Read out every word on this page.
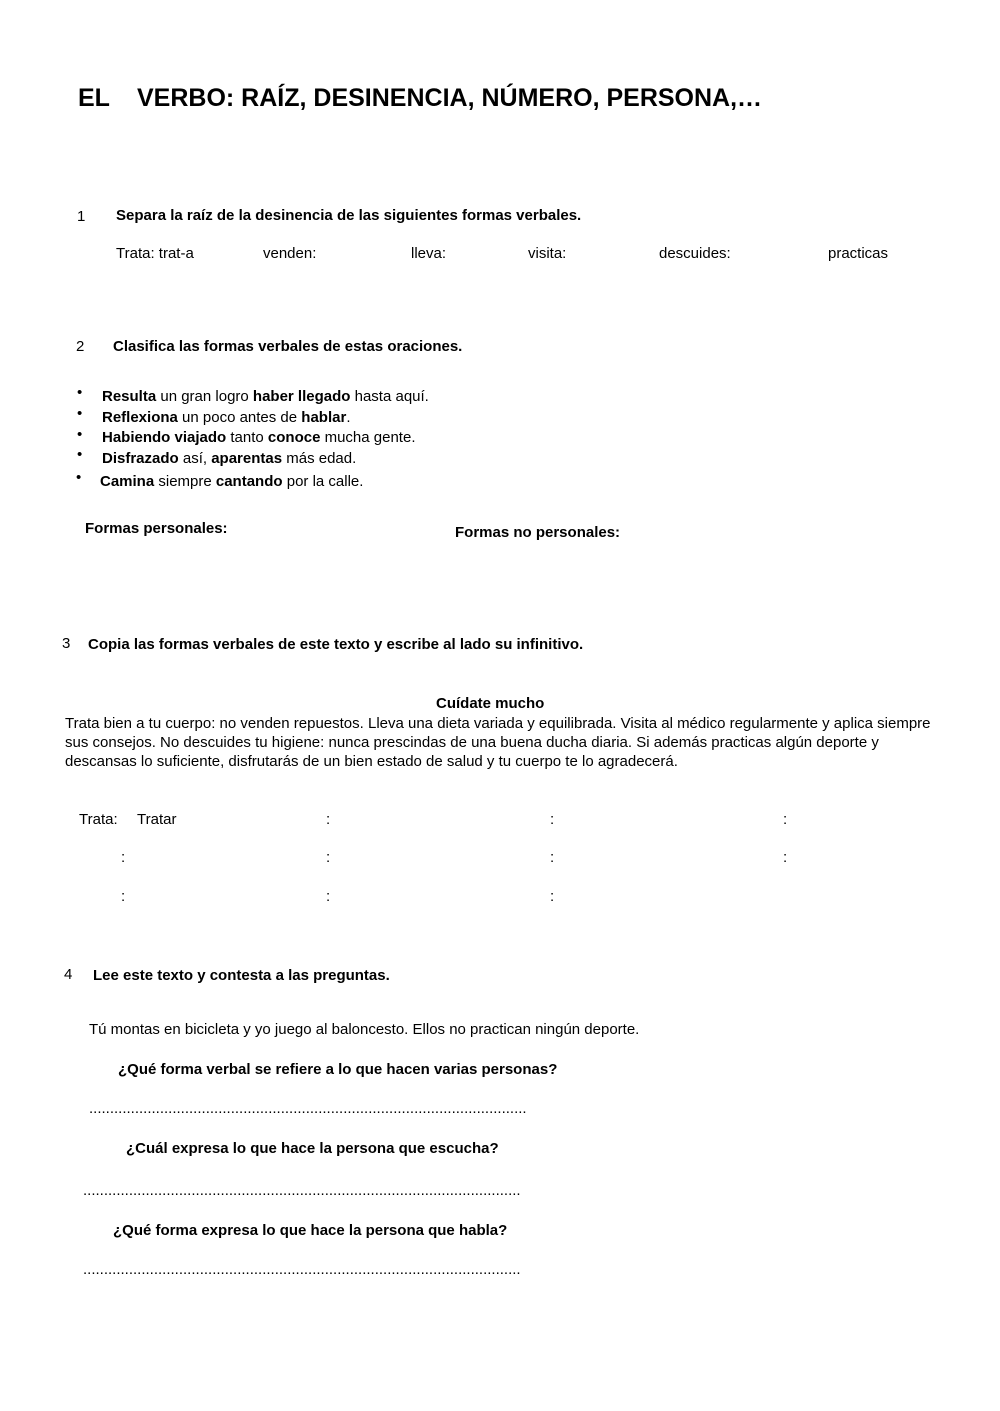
EL VERBO: RAÍZ, DESINENCIA, NÚMERO, PERSONA,…
1 Separa la raíz de la desinencia de las siguientes formas verbales.
Trata: trat-a	venden:	lleva:	visita:	descuides:	practicas
2 Clasifica las formas verbales de estas oraciones.
• Resulta un gran logro haber llegado hasta aquí.
• Reflexiona un poco antes de hablar.
• Habiendo viajado tanto conoce mucha gente.
• Disfrazado así, aparentas más edad.
• Camina siempre cantando por la calle.
Formas personales:	Formas no personales:
3 Copia las formas verbales de este texto y escribe al lado su infinitivo.
Cuídate mucho
Trata bien a tu cuerpo: no venden repuestos. Lleva una dieta variada y equilibrada. Visita al médico regularmente y aplica siempre sus consejos. No descuides tu higiene: nunca prescindas de una buena ducha diaria. Si además practicas algún deporte y descansas lo suficiente, disfrutarás de un bien estado de salud y tu cuerpo te lo agradecerá.
Trata: Tratar	:	:	:
:	:	:	:
:	:	:
4 Lee este texto y contesta a las preguntas.
Tú montas en bicicleta y yo juego al baloncesto. Ellos no practican ningún deporte.
¿Qué forma verbal se refiere a lo que hacen varias personas?
.........................................................................................................
¿Cuál expresa lo que hace la persona que escucha?
.........................................................................................................
¿Qué forma expresa lo que hace la persona que habla?
.........................................................................................................
